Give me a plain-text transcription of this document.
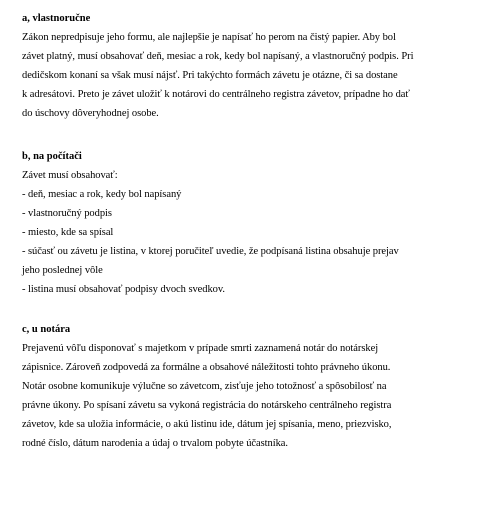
a, vlastnoručne

Zákon nepredpisuje jeho formu, ale najlepšie je napísať ho perom na čistý papier. Aby bol

závet platný, musí obsahovať deň, mesiac a rok, kedy bol napísaný, a vlastnoručný podpis. Pri

dedičskom konaní sa však musí nájsť. Pri takýchto formách závetu je otázne, či sa dostane

k adresátovi. Preto je závet uložiť k notárovi do centrálneho registra závetov, prípadne ho dať

do úschovy dôveryhodnej osobe.

b, na počítači

Závet musí obsahovať:

- deň, mesiac a rok, kedy bol napísaný

- vlastnoručný podpis

- miesto, kde sa spísal

- súčasť ou závetu je listina, v ktorej poručiteľ uvedie, že podpísaná listina obsahuje prejav

jeho poslednej vôle

- listina musí obsahovať podpisy dvoch svedkov.

c, u notára

Prejavenú vôľu disponovať s majetkom v prípade smrti zaznamená notár do notárskej

zápisnice. Zároveň zodpovedá za formálne a obsahové náležitosti tohto právneho úkonu.

Notár osobne komunikuje výlučne so závetcom, zisťuje jeho totožnosť a spôsobilosť na

právne úkony. Po spísaní závetu sa vykoná registrácia do notárskeho centrálneho registra

závetov, kde sa uložia informácie, o akú listinu ide, dátum jej spísania, meno, priezvisko,

rodné číslo, dátum narodenia a údaj o trvalom pobyte účastníka.
